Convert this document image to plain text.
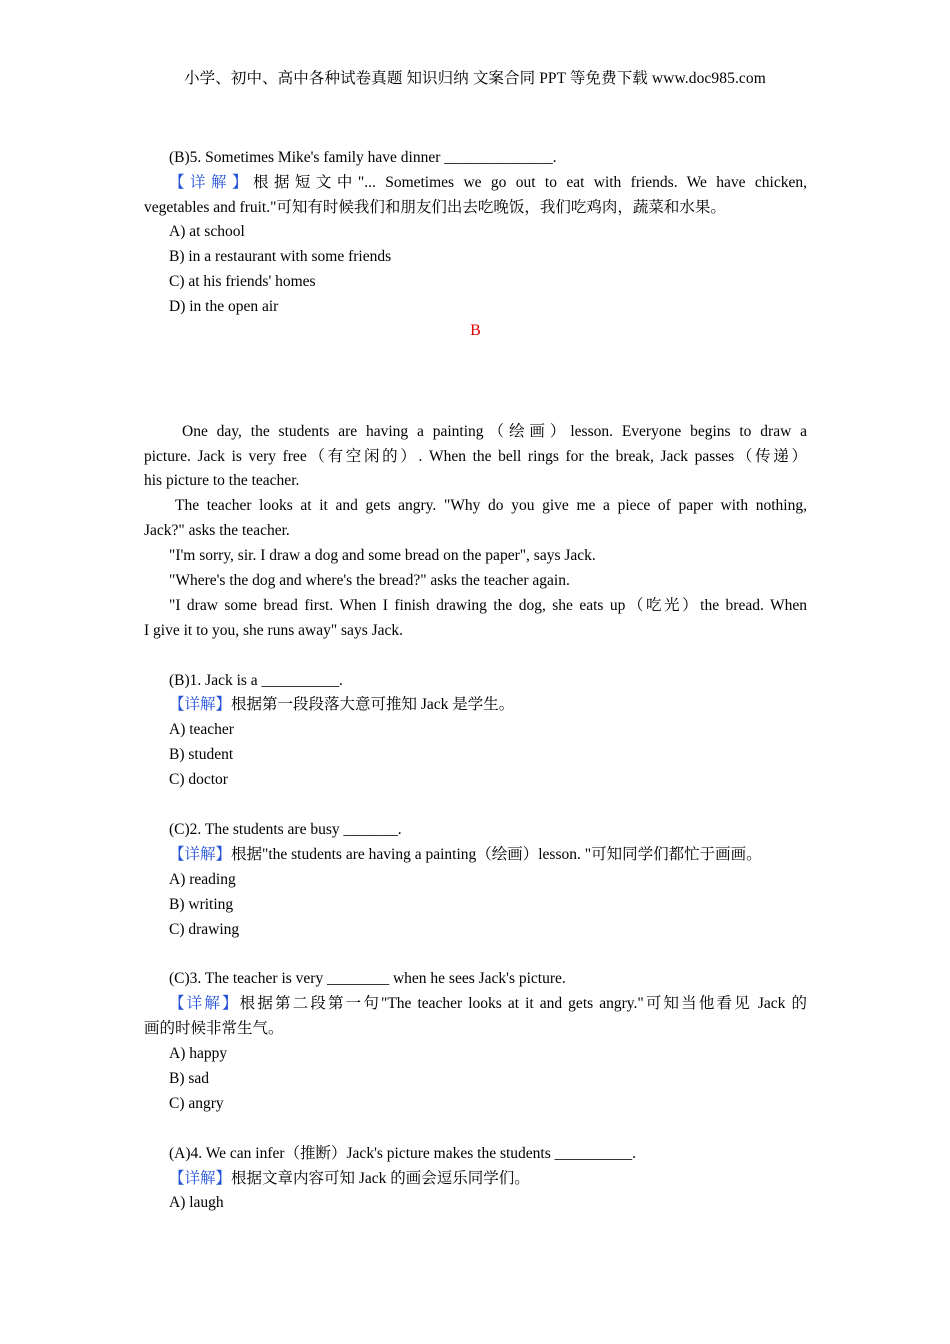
小学、初中、高中各种试卷真题 知识归纳 文案合同 PPT 等免费下载 www.doc985.com
(B)5. Sometimes Mike's family have dinner ______________.
【详解】根据短文中"... Sometimes we go out to eat with friends. We have chicken,
vegetables and fruit."可知有时候我们和朋友们出去吃晚饭，我们吃鸡肉，蔬菜和水果。
A) at school
B) in a restaurant with some friends
C) at his friends' homes
D) in the open air
B
One day, the students are having a painting（绘画）lesson. Everyone begins to draw a
picture. Jack is very free（有空闲的）. When the bell rings for the break, Jack passes（传递）
his picture to the teacher.
The teacher looks at it and gets angry. "Why do you give me a piece of paper with nothing,
Jack?" asks the teacher.
"I'm sorry, sir. I draw a dog and some bread on the paper", says Jack.
"Where's the dog and where's the bread?" asks the teacher again.
"I draw some bread first. When I finish drawing the dog, she eats up（吃光）the bread. When
I give it to you, she runs away" says Jack.
(B)1. Jack is a __________.
【详解】根据第一段段落大意可推知 Jack 是学生。
A) teacher
B) student
C) doctor
(C)2. The students are busy _______.
【详解】根据"the students are having a painting（绘画）lesson. "可知同学们都忙于画画。
A) reading
B) writing
C) drawing
(C)3. The teacher is very ________ when he sees Jack's picture.
【详解】根据第二段第一句"The teacher looks at it and gets angry."可知当他看见 Jack 的
画的时候非常生气。
A) happy
B) sad
C) angry
(A)4. We can infer（推断）Jack's picture makes the students __________.
【详解】根据文章内容可知 Jack 的画会逗乐同学们。
A) laugh
